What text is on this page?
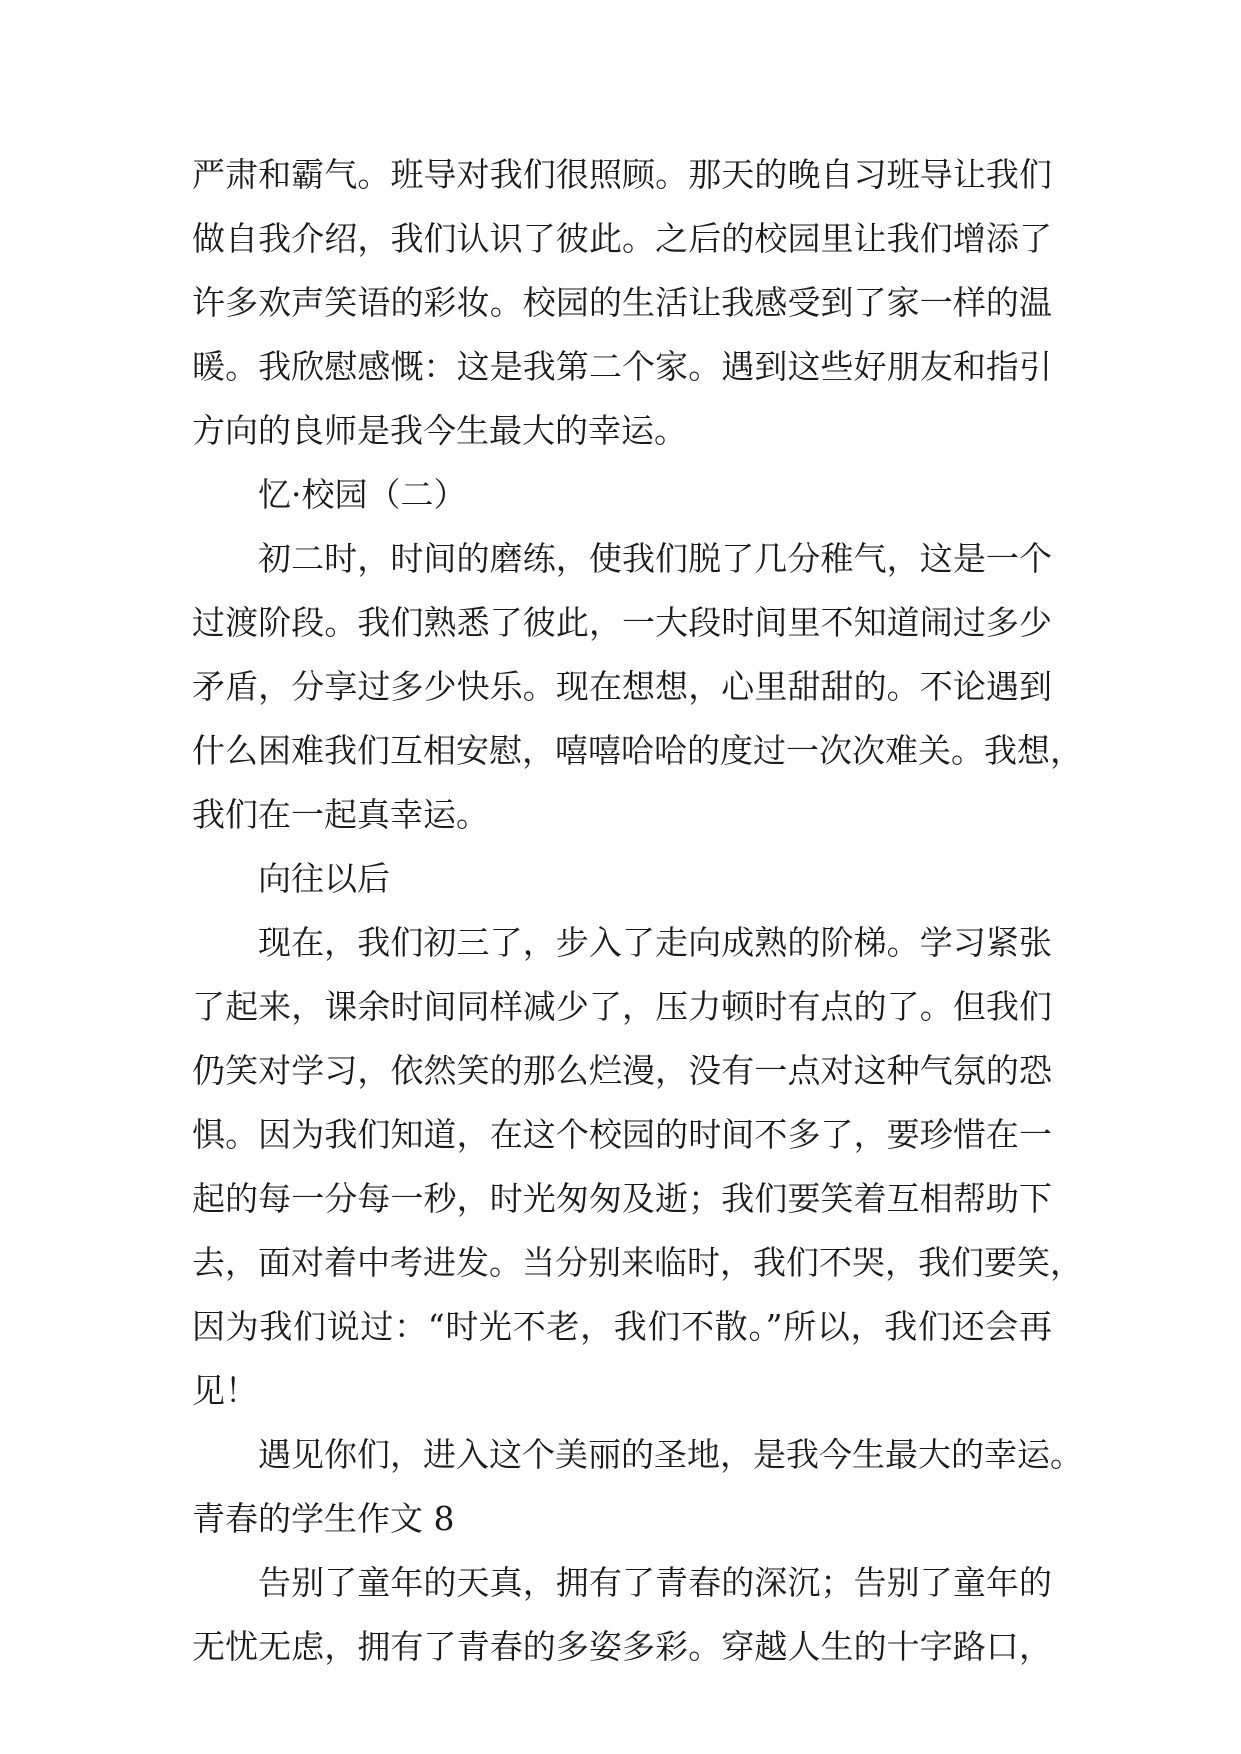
严肃和霸气。班导对我们很照顾。那天的晚自习班导让我们
做自我介绍，我们认识了彼此。之后的校园里让我们增添了
许多欢声笑语的彩妆。校园的生活让我感受到了家一样的温
暖。我欣慰感慨：这是我第二个家。遇到这些好朋友和指引
方向的良师是我今生最大的幸运。
忆·校园（二）
初二时，时间的磨练，使我们脱了几分稚气，这是一个
过渡阶段。我们熟悉了彼此，一大段时间里不知道闹过多少
矛盾，分享过多少快乐。现在想想，心里甜甜的。不论遇到
什么困难我们互相安慰，嘻嘻哈哈的度过一次次难关。我想，
我们在一起真幸运。
向往以后
现在，我们初三了，步入了走向成熟的阶梯。学习紧张
了起来，课余时间同样减少了，压力顿时有点的了。但我们
仍笑对学习，依然笑的那么烂漫，没有一点对这种气氛的恐
惧。因为我们知道，在这个校园的时间不多了，要珍惜在一
起的每一分每一秒，时光匆匆及逝；我们要笑着互相帮助下
去，面对着中考进发。当分别来临时，我们不哭，我们要笑，
因为我们说过：“时光不老，我们不散。”所以，我们还会再
见！
遇见你们，进入这个美丽的圣地，是我今生最大的幸运。
青春的学生作文 8
告别了童年的天真，拥有了青春的深沉；告别了童年的
无忧无虑，拥有了青春的多姿多彩。穿越人生的十字路口，
